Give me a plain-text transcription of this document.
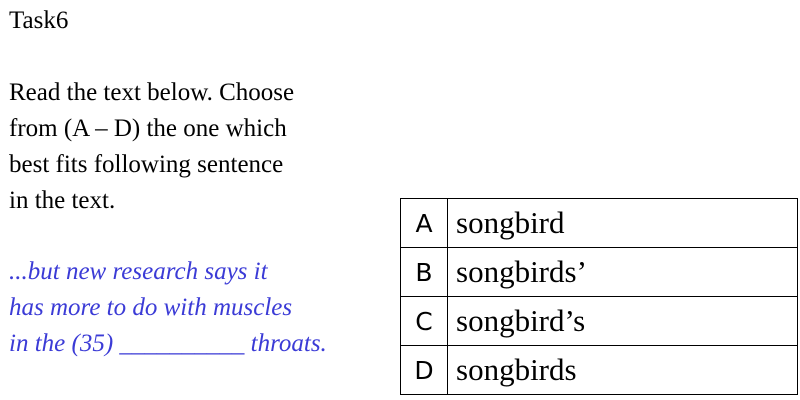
Task6
Read the text below. Choose
from (A – D) the one which
best fits following sentence
in the text.
...but new research says it
has more to do with muscles
in the (35) __________ throats.
A	songbird
B	songbirds’
C	songbird’s
D	songbirds
